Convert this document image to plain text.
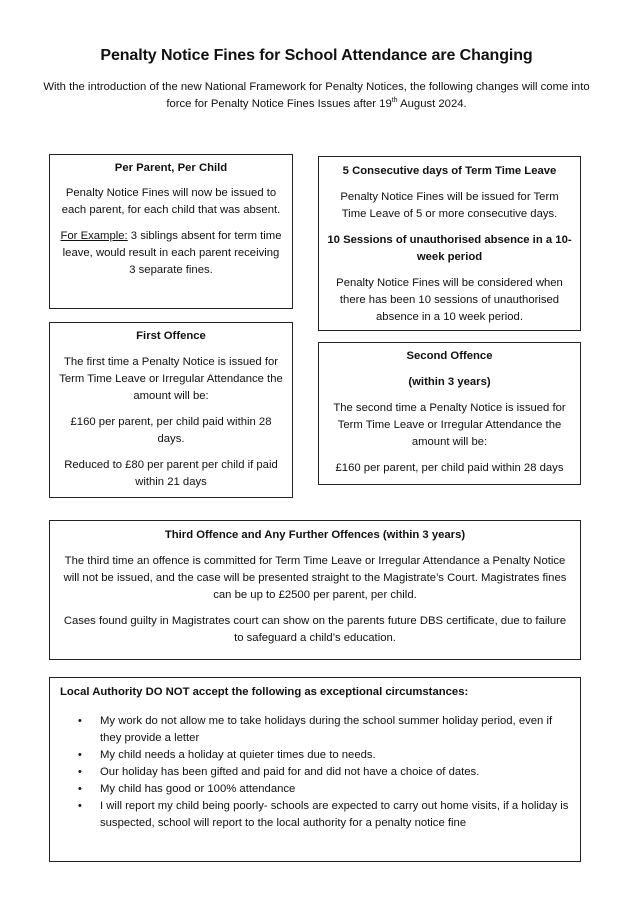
Penalty Notice Fines for School Attendance are Changing
With the introduction of the new National Framework for Penalty Notices, the following changes will come into force for Penalty Notice Fines Issues after 19th August 2024.

Per Parent, Per Child

Penalty Notice Fines will now be issued to each parent, for each child that was absent.

For Example: 3 siblings absent for term time leave, would result in each parent receiving 3 separate fines.

First Offence

The first time a Penalty Notice is issued for Term Time Leave or Irregular Attendance the amount will be:

£160 per parent, per child paid within 28 days.

Reduced to £80 per parent per child if paid within 21 days

5 Consecutive days of Term Time Leave

Penalty Notice Fines will be issued for Term Time Leave of 5 or more consecutive days.

10 Sessions of unauthorised absence in a 10-week period

Penalty Notice Fines will be considered when there has been 10 sessions of unauthorised absence in a 10 week period.

Second Offence

(within 3 years)

The second time a Penalty Notice is issued for Term Time Leave or Irregular Attendance the amount will be:

£160 per parent, per child paid within 28 days

Third Offence and Any Further Offences (within 3 years)

The third time an offence is committed for Term Time Leave or Irregular Attendance a Penalty Notice will not be issued, and the case will be presented straight to the Magistrate’s Court. Magistrates fines can be up to £2500 per parent, per child.

Cases found guilty in Magistrates court can show on the parents future DBS certificate, due to failure to safeguard a child’s education.

Local Authority DO NOT accept the following as exceptional circumstances:

• My work do not allow me to take holidays during the school summer holiday period, even if they provide a letter
• My child needs a holiday at quieter times due to needs.
• Our holiday has been gifted and paid for and did not have a choice of dates.
• My child has good or 100% attendance
• I will report my child being poorly- schools are expected to carry out home visits, if a holiday is suspected, school will report to the local authority for a penalty notice fine
